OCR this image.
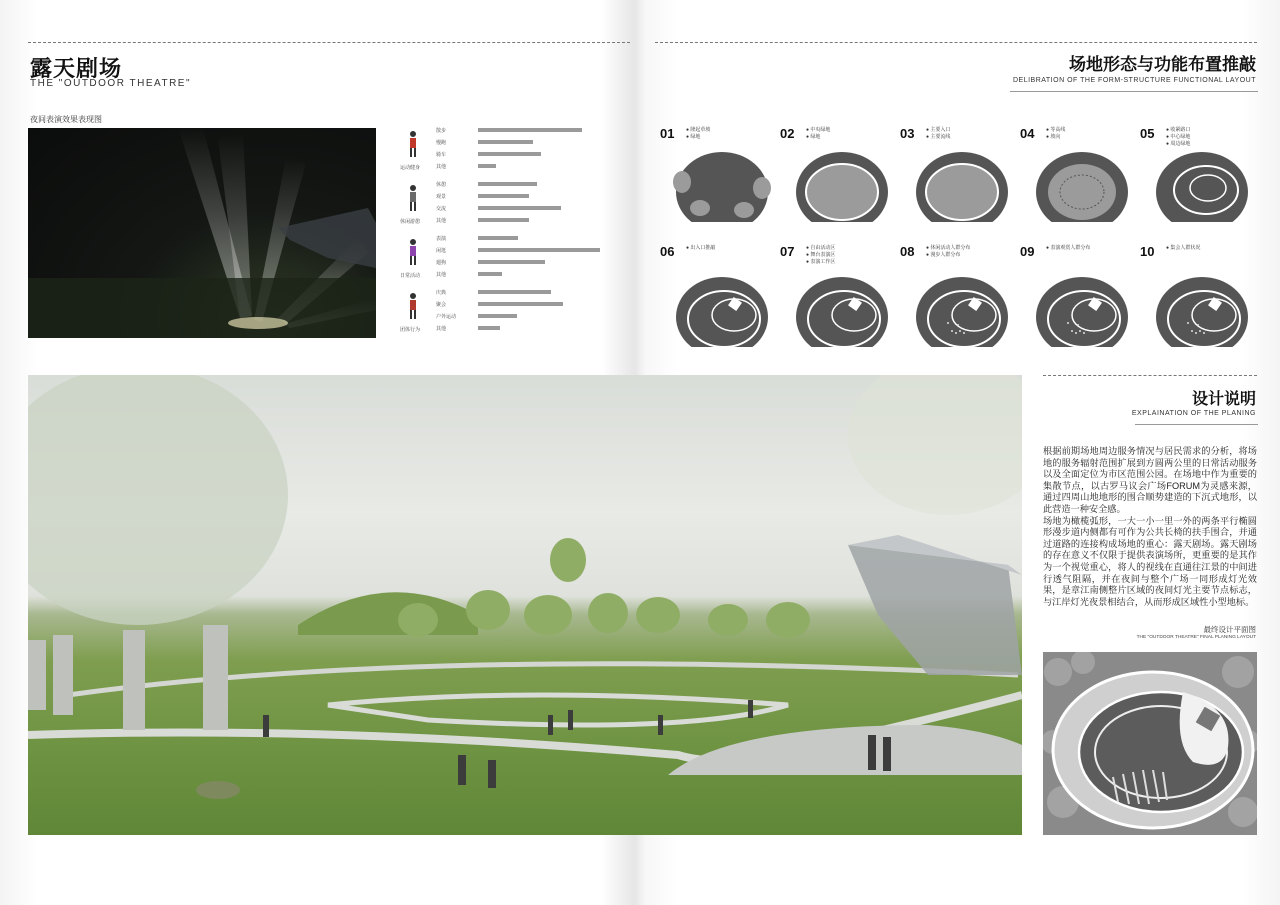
露天剧场
THE "OUTDOOR THEATRE"
夜间表演效果表现图
运动健身
散步
慢跑
骑车
其他
休闲游憩
休憩
观景
交流
其他
日常活动
表演
闲逛
遛狗
其他
团体行为
庆典
聚会
户外运动
其他
场地形态与功能布置推敲
DELIBRATION OF THE FORM-STRUCTURE FUNCTIONAL LAYOUT
01 ● 隆起草坡
● 绿地	02 ● 中央绿地
● 绿地	03 ● 主要入口
● 主要流线	04 ● 等高线
● 坡向	05 ● 收紧路口
● 中心绿地
● 周边绿地
06 ● 出入口推敲	07 ● 自由活动区
● 舞台表演区
● 表演工作区
08 ● 休闲活动人群分布
● 漫步人群分布	09 ● 表演观赏人群分布	10 ● 集会人群状况
设计说明
EXPLAINATION OF THE PLANING
根据前期场地周边服务情况与居民需求的分析，将场地的服务辐射范围扩展到方圆两公里的日常活动服务以及全面定位为市区范围公园。在场地中作为重要的集散节点，以古罗马议会广场FORUM为灵感来源，通过四周山地地形的围合顺势建造的下沉式地形，以此营造一种安全感。
场地为橄榄弧形，一大一小一里一外的两条平行椭圆形漫步道内侧都有可作为公共长椅的扶手围合，并通过道路的连接构成场地的重心：露天剧场。露天剧场的存在意义不仅限于提供表演场所，更重要的是其作为一个视觉重心，将人的视线在直通往江景的中间进行透气阻隔，并在夜间与整个广场一同形成灯光效果，是章江南侧整片区域的夜间灯光主要节点标志，与江岸灯光夜景相结合，从而形成区域性小型地标。
最终设计平面图
THE "OUTDOOR THEATRE" FINAL PLANING LAYOUT
